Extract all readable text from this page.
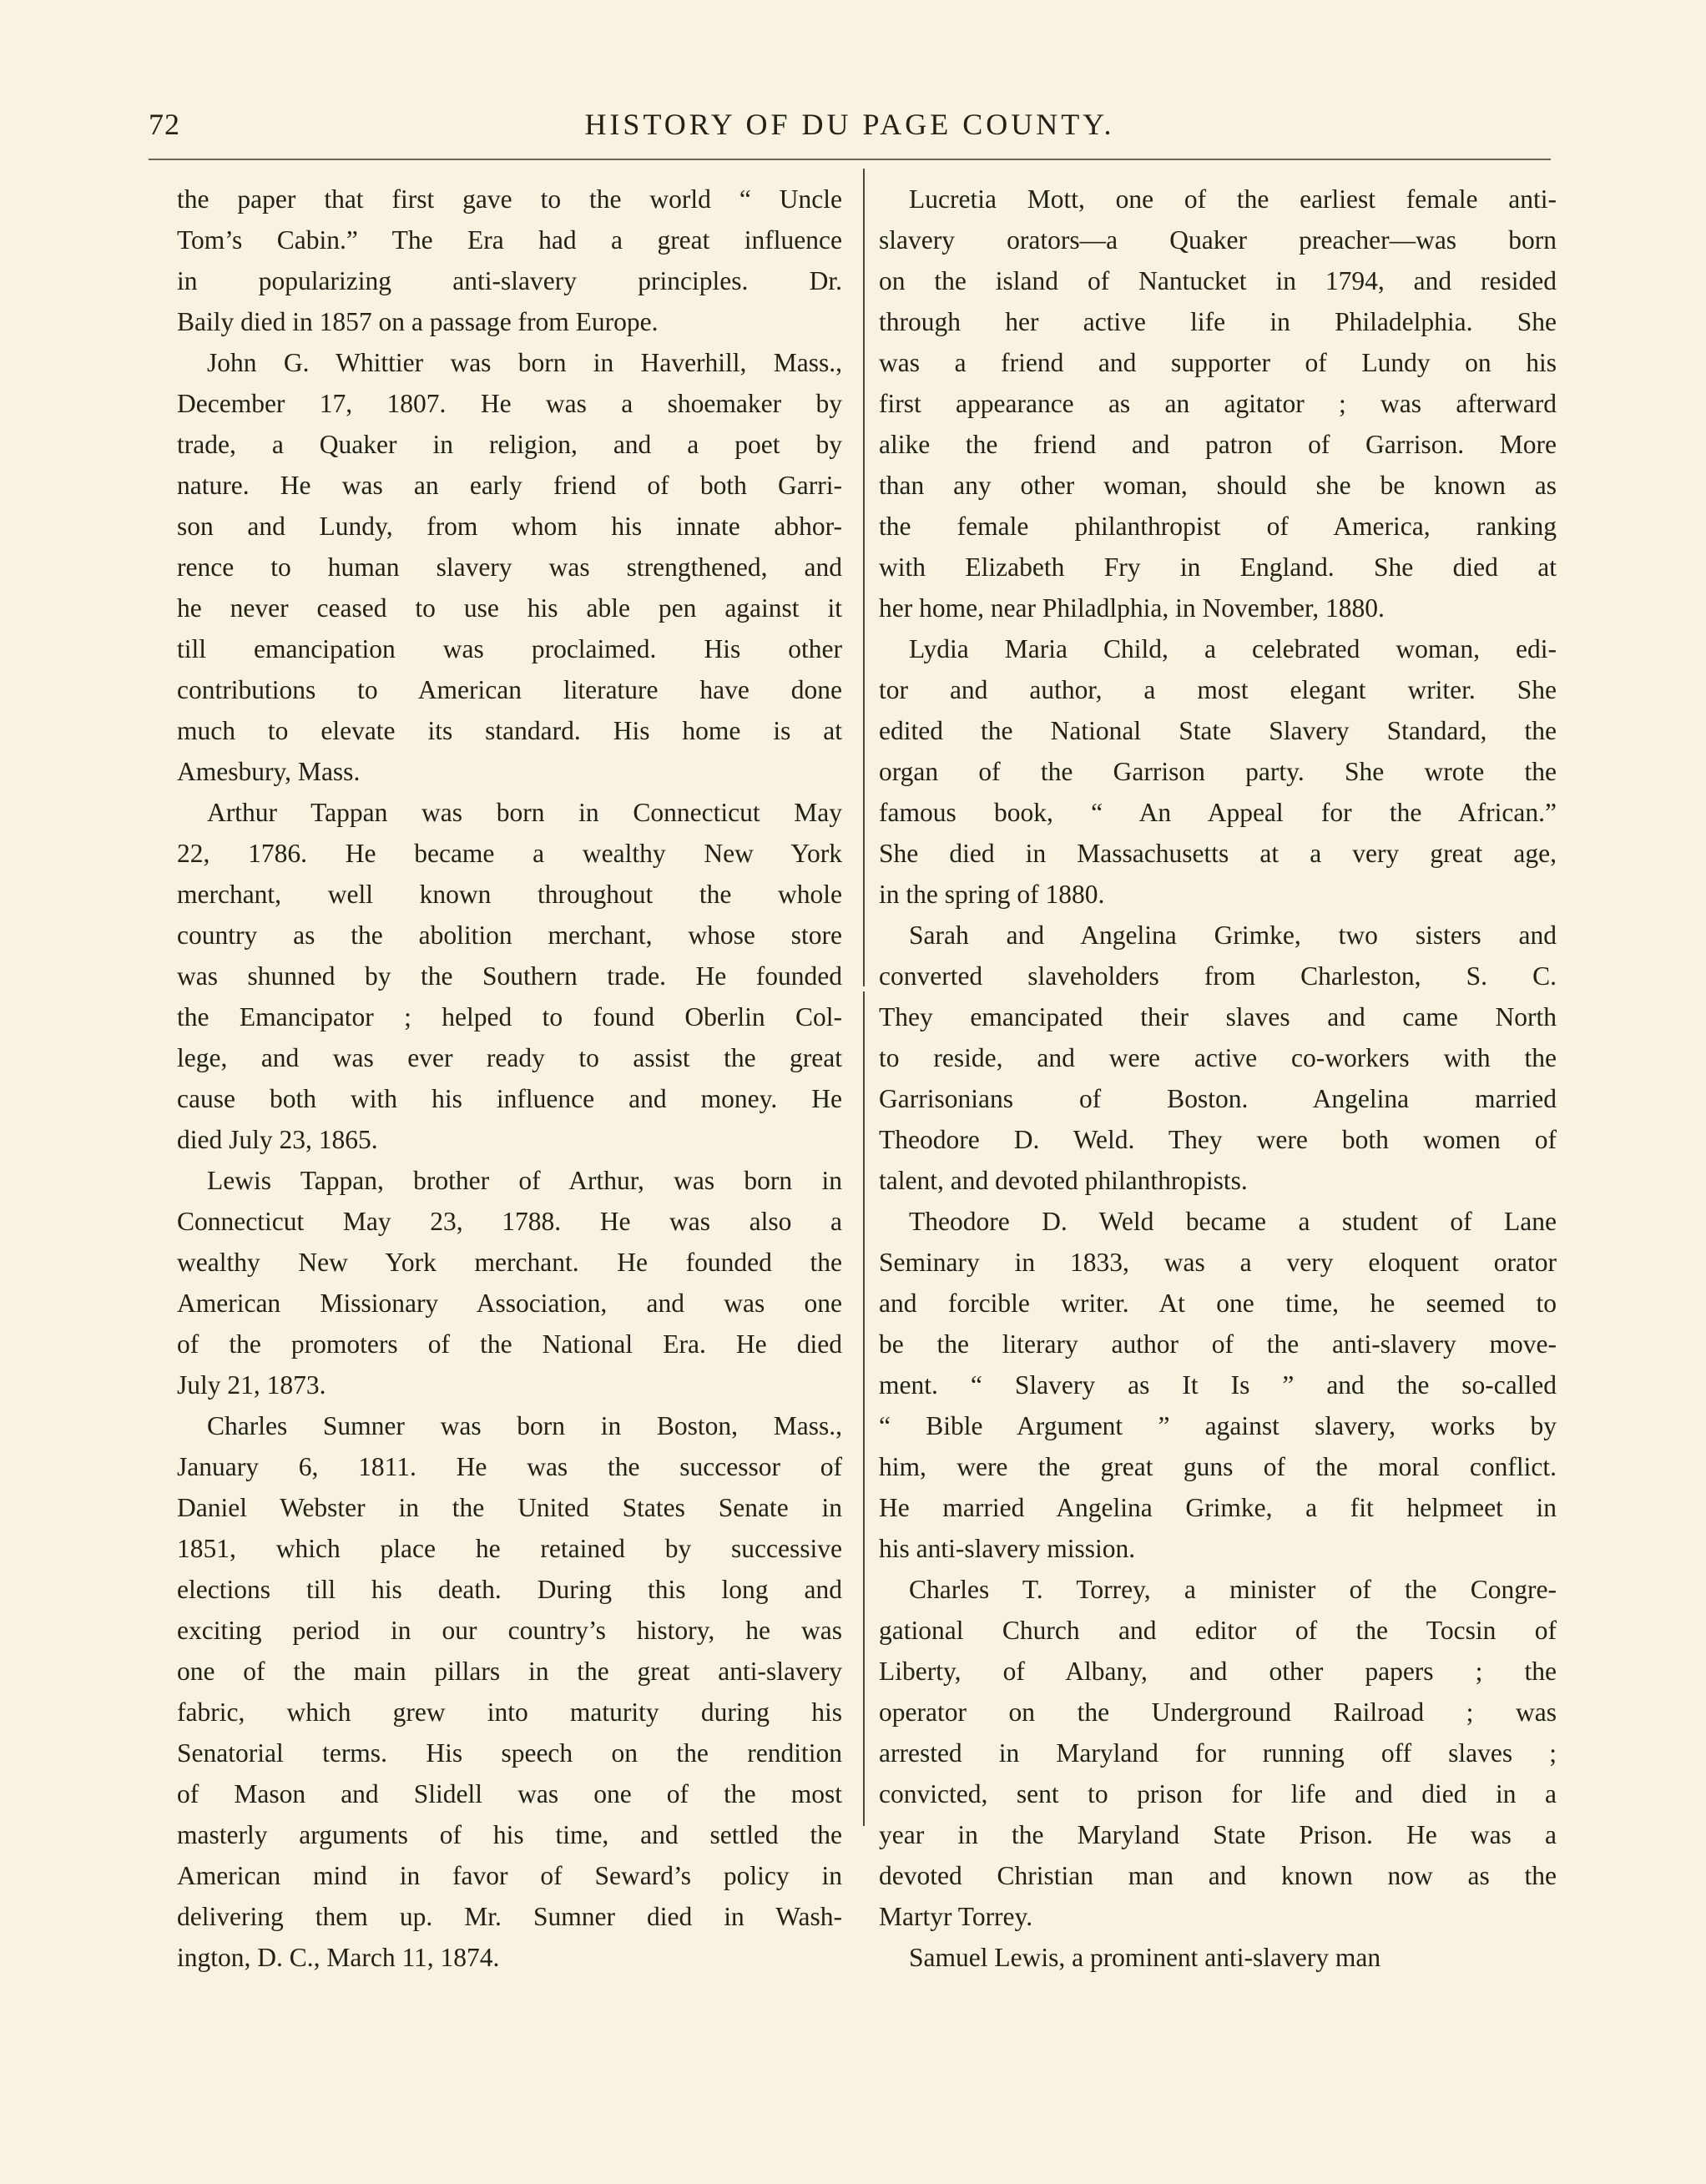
72	HISTORY OF DU PAGE COUNTY.
the paper that first gave to the world “ Uncle
Tom’s Cabin.” The Era had a great influence
in popularizing anti-slavery principles. Dr.
Baily died in 1857 on a passage from Europe.
John G. Whittier was born in Haverhill, Mass.,
December 17, 1807. He was a shoemaker by
trade, a Quaker in religion, and a poet by
nature. He was an early friend of both Garri-
son and Lundy, from whom his innate abhor-
rence to human slavery was strengthened, and
he never ceased to use his able pen against it
till emancipation was proclaimed. His other
contributions to American literature have done
much to elevate its standard. His home is at
Amesbury, Mass.
Arthur Tappan was born in Connecticut May
22, 1786. He became a wealthy New York
merchant, well known throughout the whole
country as the abolition merchant, whose store
was shunned by the Southern trade. He founded
the Emancipator ; helped to found Oberlin Col-
lege, and was ever ready to assist the great
cause both with his influence and money. He
died July 23, 1865.
Lewis Tappan, brother of Arthur, was born in
Connecticut May 23, 1788. He was also a
wealthy New York merchant. He founded the
American Missionary Association, and was one
of the promoters of the National Era. He died
July 21, 1873.
Charles Sumner was born in Boston, Mass.,
January 6, 1811. He was the successor of
Daniel Webster in the United States Senate in
1851, which place he retained by successive
elections till his death. During this long and
exciting period in our country’s history, he was
one of the main pillars in the great anti-slavery
fabric, which grew into maturity during his
Senatorial terms. His speech on the rendition
of Mason and Slidell was one of the most
masterly arguments of his time, and settled the
American mind in favor of Seward’s policy in
delivering them up. Mr. Sumner died in Wash-
ington, D. C., March 11, 1874.
Lucretia Mott, one of the earliest female anti-
slavery orators—a Quaker preacher—was born
on the island of Nantucket in 1794, and resided
through her active life in Philadelphia. She
was a friend and supporter of Lundy on his
first appearance as an agitator ; was afterward
alike the friend and patron of Garrison. More
than any other woman, should she be known as
the female philanthropist of America, ranking
with Elizabeth Fry in England. She died at
her home, near Philadlphia, in November, 1880.
Lydia Maria Child, a celebrated woman, edi-
tor and author, a most elegant writer. She
edited the National State Slavery Standard, the
organ of the Garrison party. She wrote the
famous book, “ An Appeal for the African.”
She died in Massachusetts at a very great age,
in the spring of 1880.
Sarah and Angelina Grimke, two sisters and
converted slaveholders from Charleston, S. C.
They emancipated their slaves and came North
to reside, and were active co-workers with the
Garrisonians of Boston. Angelina married
Theodore D. Weld. They were both women of
talent, and devoted philanthropists.
Theodore D. Weld became a student of Lane
Seminary in 1833, was a very eloquent orator
and forcible writer. At one time, he seemed to
be the literary author of the anti-slavery move-
ment. “ Slavery as It Is ” and the so-called
“ Bible Argument ” against slavery, works by
him, were the great guns of the moral conflict.
He married Angelina Grimke, a fit helpmeet in
his anti-slavery mission.
Charles T. Torrey, a minister of the Congre-
gational Church and editor of the Tocsin of
Liberty, of Albany, and other papers ; the
operator on the Underground Railroad ; was
arrested in Maryland for running off slaves ;
convicted, sent to prison for life and died in a
year in the Maryland State Prison. He was a
devoted Christian man and known now as the
Martyr Torrey.
Samuel Lewis, a prominent anti-slavery man
